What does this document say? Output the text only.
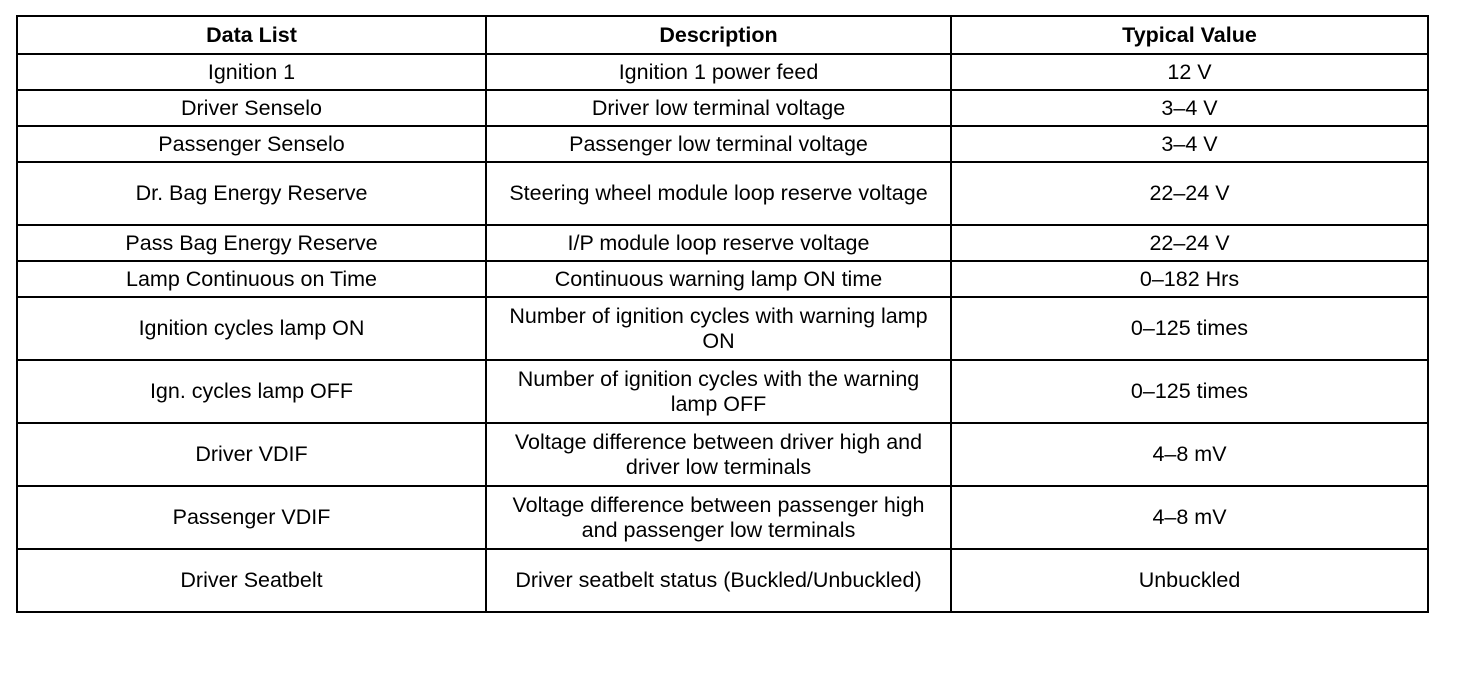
Data List	Description	Typical Value
Ignition 1	Ignition 1 power feed	12 V
Driver Senselo	Driver low terminal voltage	3–4 V
Passenger Senselo	Passenger low terminal voltage	3–4 V
Dr. Bag Energy Reserve	Steering wheel module loop reserve voltage	22–24 V
Pass Bag Energy Reserve	I/P module loop reserve voltage	22–24 V
Lamp Continuous on Time	Continuous warning lamp ON time	0–182 Hrs
Ignition cycles lamp ON	Number of ignition cycles with warning lamp ON	0–125 times
Ign. cycles lamp OFF	Number of ignition cycles with the warning lamp OFF	0–125 times
Driver VDIF	Voltage difference between driver high and driver low terminals	4–8 mV
Passenger VDIF	Voltage difference between passenger high and passenger low terminals	4–8 mV
Driver Seatbelt	Driver seatbelt status (Buckled/Unbuckled)	Unbuckled
